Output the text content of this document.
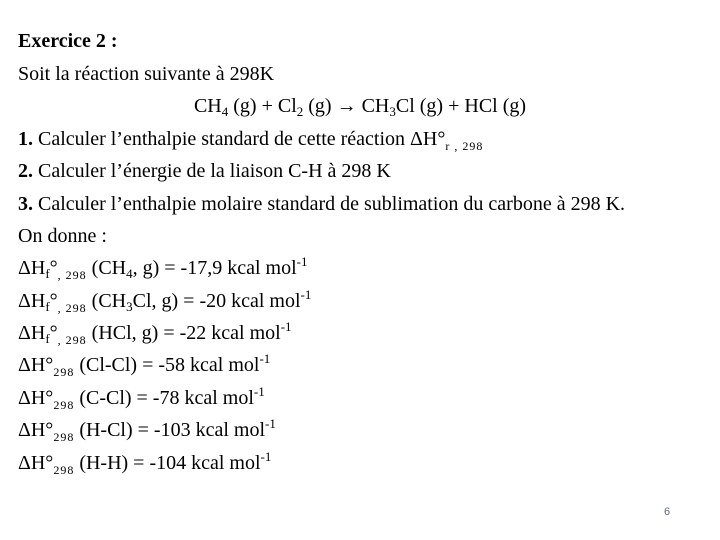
Exercice 2 :
Soit la réaction suivante à 298K
$CH_4$ $(g) + Cl_2$ $(g) \to CH_3Cl$ (g) + HCl (g)
1. Calculer l’enthalpie standard de cette réaction $\Delta H^\circ_{r , 298}$
2. Calculer l’énergie de la liaison C-H à 298 K
3. Calculer l’enthalpie molaire standard de sublimation du carbone à 298 K.
On donne :
$\Delta H_f^\circ_{, 298}$ ($CH_4$, g) = -17,9 kcal mol$^{-1}$
$\Delta H_f^\circ_{, 298}$ ($CH_3Cl$, g) = -20 kcal mol$^{-1}$
$\Delta H_f^\circ_{, 298}$ (HCl, g) = -22 kcal mol$^{-1}$
$\Delta H^\circ_{298}$ (Cl-Cl) = -58 kcal mol$^{-1}$
$\Delta H^\circ_{298}$ (C-Cl) = -78 kcal mol$^{-1}$
$\Delta H^\circ_{298}$ (H-Cl) = -103 kcal mol$^{-1}$
$\Delta H^\circ_{298}$ (H-H) = -104 kcal mol$^{-1}$
6
